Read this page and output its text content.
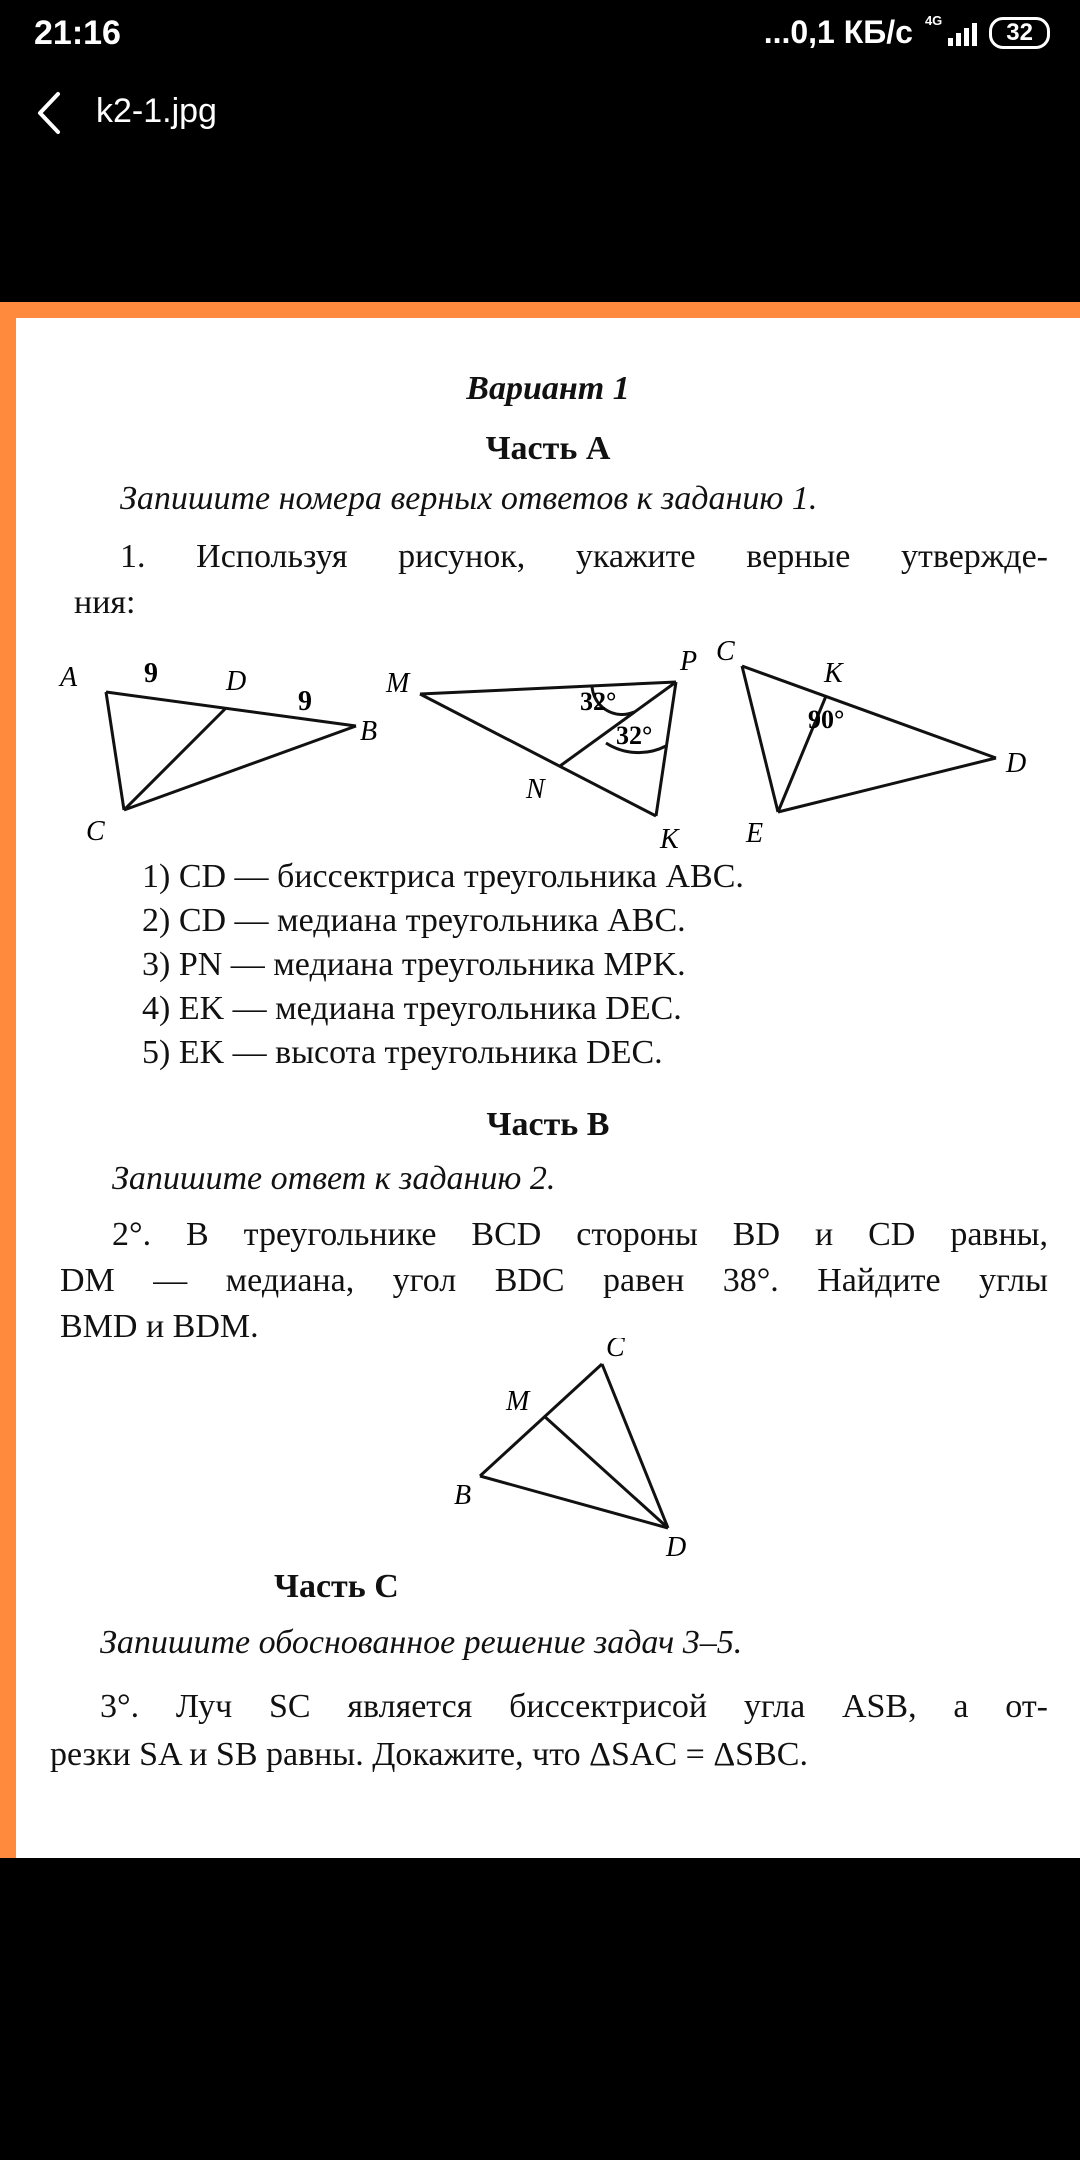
21:16	...0,1 КБ/с 4G	32
k2-1.jpg
Вариант 1
Часть А
Запишите номера верных ответов к заданию 1.
1. Используя рисунок, укажите верные утвержде-
ния:
A 9 D
9
B
C
32°
32°
M
P
N
K
90°
C
K
D
E
1) CD — биссектриса треугольника ABC.
2) CD — медиана треугольника ABC.
3) PN — медиана треугольника MPK.
4) EK — медиана треугольника DEC.
5) EK — высота треугольника DEC.
Часть В
Запишите ответ к заданию 2.
2°. В треугольнике BCD стороны BD и CD равны,
DM — медиана, угол BDC равен 38°. Найдите углы
BMD и BDM.
C
M
B
D
Часть С
Запишите обоснованное решение задач 3–5.
3°. Луч SC является биссектрисой угла ASB, а от-
резки SA и SB равны. Докажите, что ΔSAC = ΔSBC.
